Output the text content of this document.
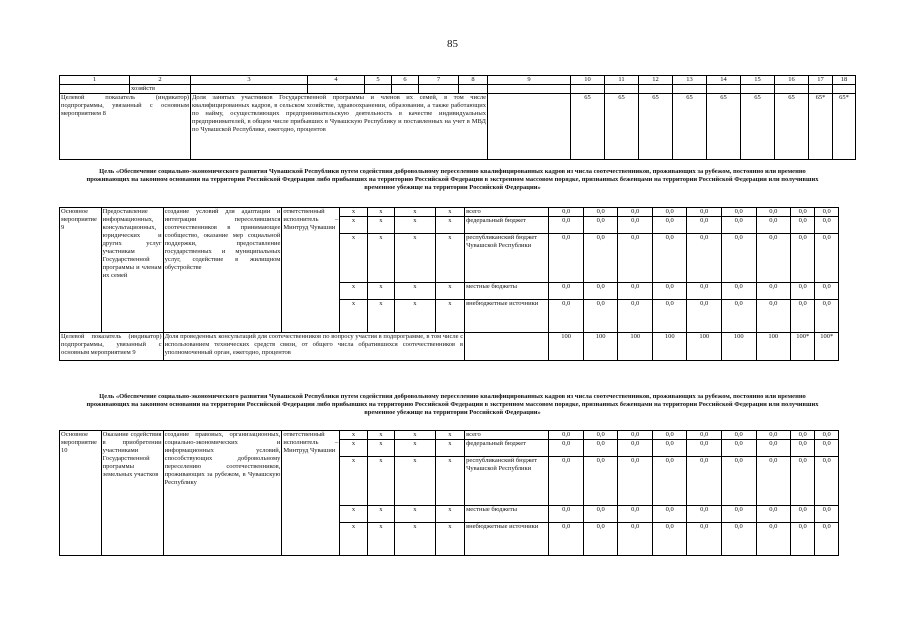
85
1	2	3	4	5	6	7	8	9	10	11	12	13	14	15	16	17	18
	хозяйств																
Целевой показатель (индикатор) подпрограммы, увязанный с основным мероприятием 8		Доля занятых участников Государственной программы и членов их семей, в том числе квалифицированных кадров, в сельском хозяйстве, здравоохранении, образовании, а также работающих по найму, осуществляющих предпринимательскую деятельность в качестве индивидуальных предпринимателей, в общем числе прибывших в Чувашскую Республику и поставленных на учет в МВД по Чувашской Республике, ежегодно, процентов							65	65	65	65	65	65	65	65*	65*
Цель «Обеспечение социально-экономического развития Чувашской Республики путем содействия добровольному переселению квалифицированных кадров из числа соотечественников, проживающих за рубежом, постоянно или временно проживающих на законном основании на территории Российской Федерации либо прибывших на территорию Российской Федерации в экстренном массовом порядке, признанных беженцами на территории Российской Федерации или получивших временное убежище на территории Российской Федерации»
Основное мероприятие 9	Предоставление информационных, консультационных, юридических и других услуг участникам Государственной программы и членам их семей	создание условий для адаптации и интеграции переселившихся соотечественников в принимающее сообщество, оказание мер социальной поддержки, предоставление государственных и муниципальных услуг, содействие в жилищном обустройстве	ответственный исполнитель – Минтруд Чувашии	x	x	x	x	всего	0,0	0,0	0,0	0,0	0,0	0,0	0,0	0,0	0,0
				x	x	x	x	федеральный бюджет	0,0	0,0	0,0	0,0	0,0	0,0	0,0	0,0	0,0
				x	x	x	x	республиканский бюджет Чувашской Республики	0,0	0,0	0,0	0,0	0,0	0,0	0,0	0,0	0,0
				x	x	x	x	местные бюджеты	0,0	0,0	0,0	0,0	0,0	0,0	0,0	0,0	0,0
				x	x	x	x	внебюджетные источники	0,0	0,0	0,0	0,0	0,0	0,0	0,0	0,0	0,0
Целевой показатель (индикатор) подпрограммы, увязанный с основным мероприятием 9		Доля проведенных консультаций для соотечественников по вопросу участия в подпрограмме, в том числе с использованием технических средств связи, от общего числа обратившихся соотечественников в уполномоченный орган, ежегодно, процентов							100	100	100	100	100	100	100	100*	100*
Цель «Обеспечение социально-экономического развития Чувашской Республики путем содействия добровольному переселению квалифицированных кадров из числа соотечественников, проживающих за рубежом, постоянно или временно проживающих на законном основании на территории Российской Федерации либо прибывших на территорию Российской Федерации в экстренном массовом порядке, признанных беженцами на территории Российской Федерации или получивших временное убежище на территории Российской Федерации»
Основное мероприятие 10	Оказание содействия в приобретении участниками Государственной программы земельных участков	создание правовых, организационных, социально-экономических и информационных условий, способствующих добровольному переселению соотечественников, проживающих за рубежом, в Чувашскую Республику	ответственный исполнитель – Минтруд Чувашии	x	x	x	x	всего	0,0	0,0	0,0	0,0	0,0	0,0	0,0	0,0	0,0
				x	x	x	x	федеральный бюджет	0,0	0,0	0,0	0,0	0,0	0,0	0,0	0,0	0,0
				x	x	x	x	республиканский бюджет Чувашской Республики	0,0	0,0	0,0	0,0	0,0	0,0	0,0	0,0	0,0
				x	x	x	x	местные бюджеты	0,0	0,0	0,0	0,0	0,0	0,0	0,0	0,0	0,0
				x	x	x	x	внебюджетные источники	0,0	0,0	0,0	0,0	0,0	0,0	0,0	0,0	0,0
